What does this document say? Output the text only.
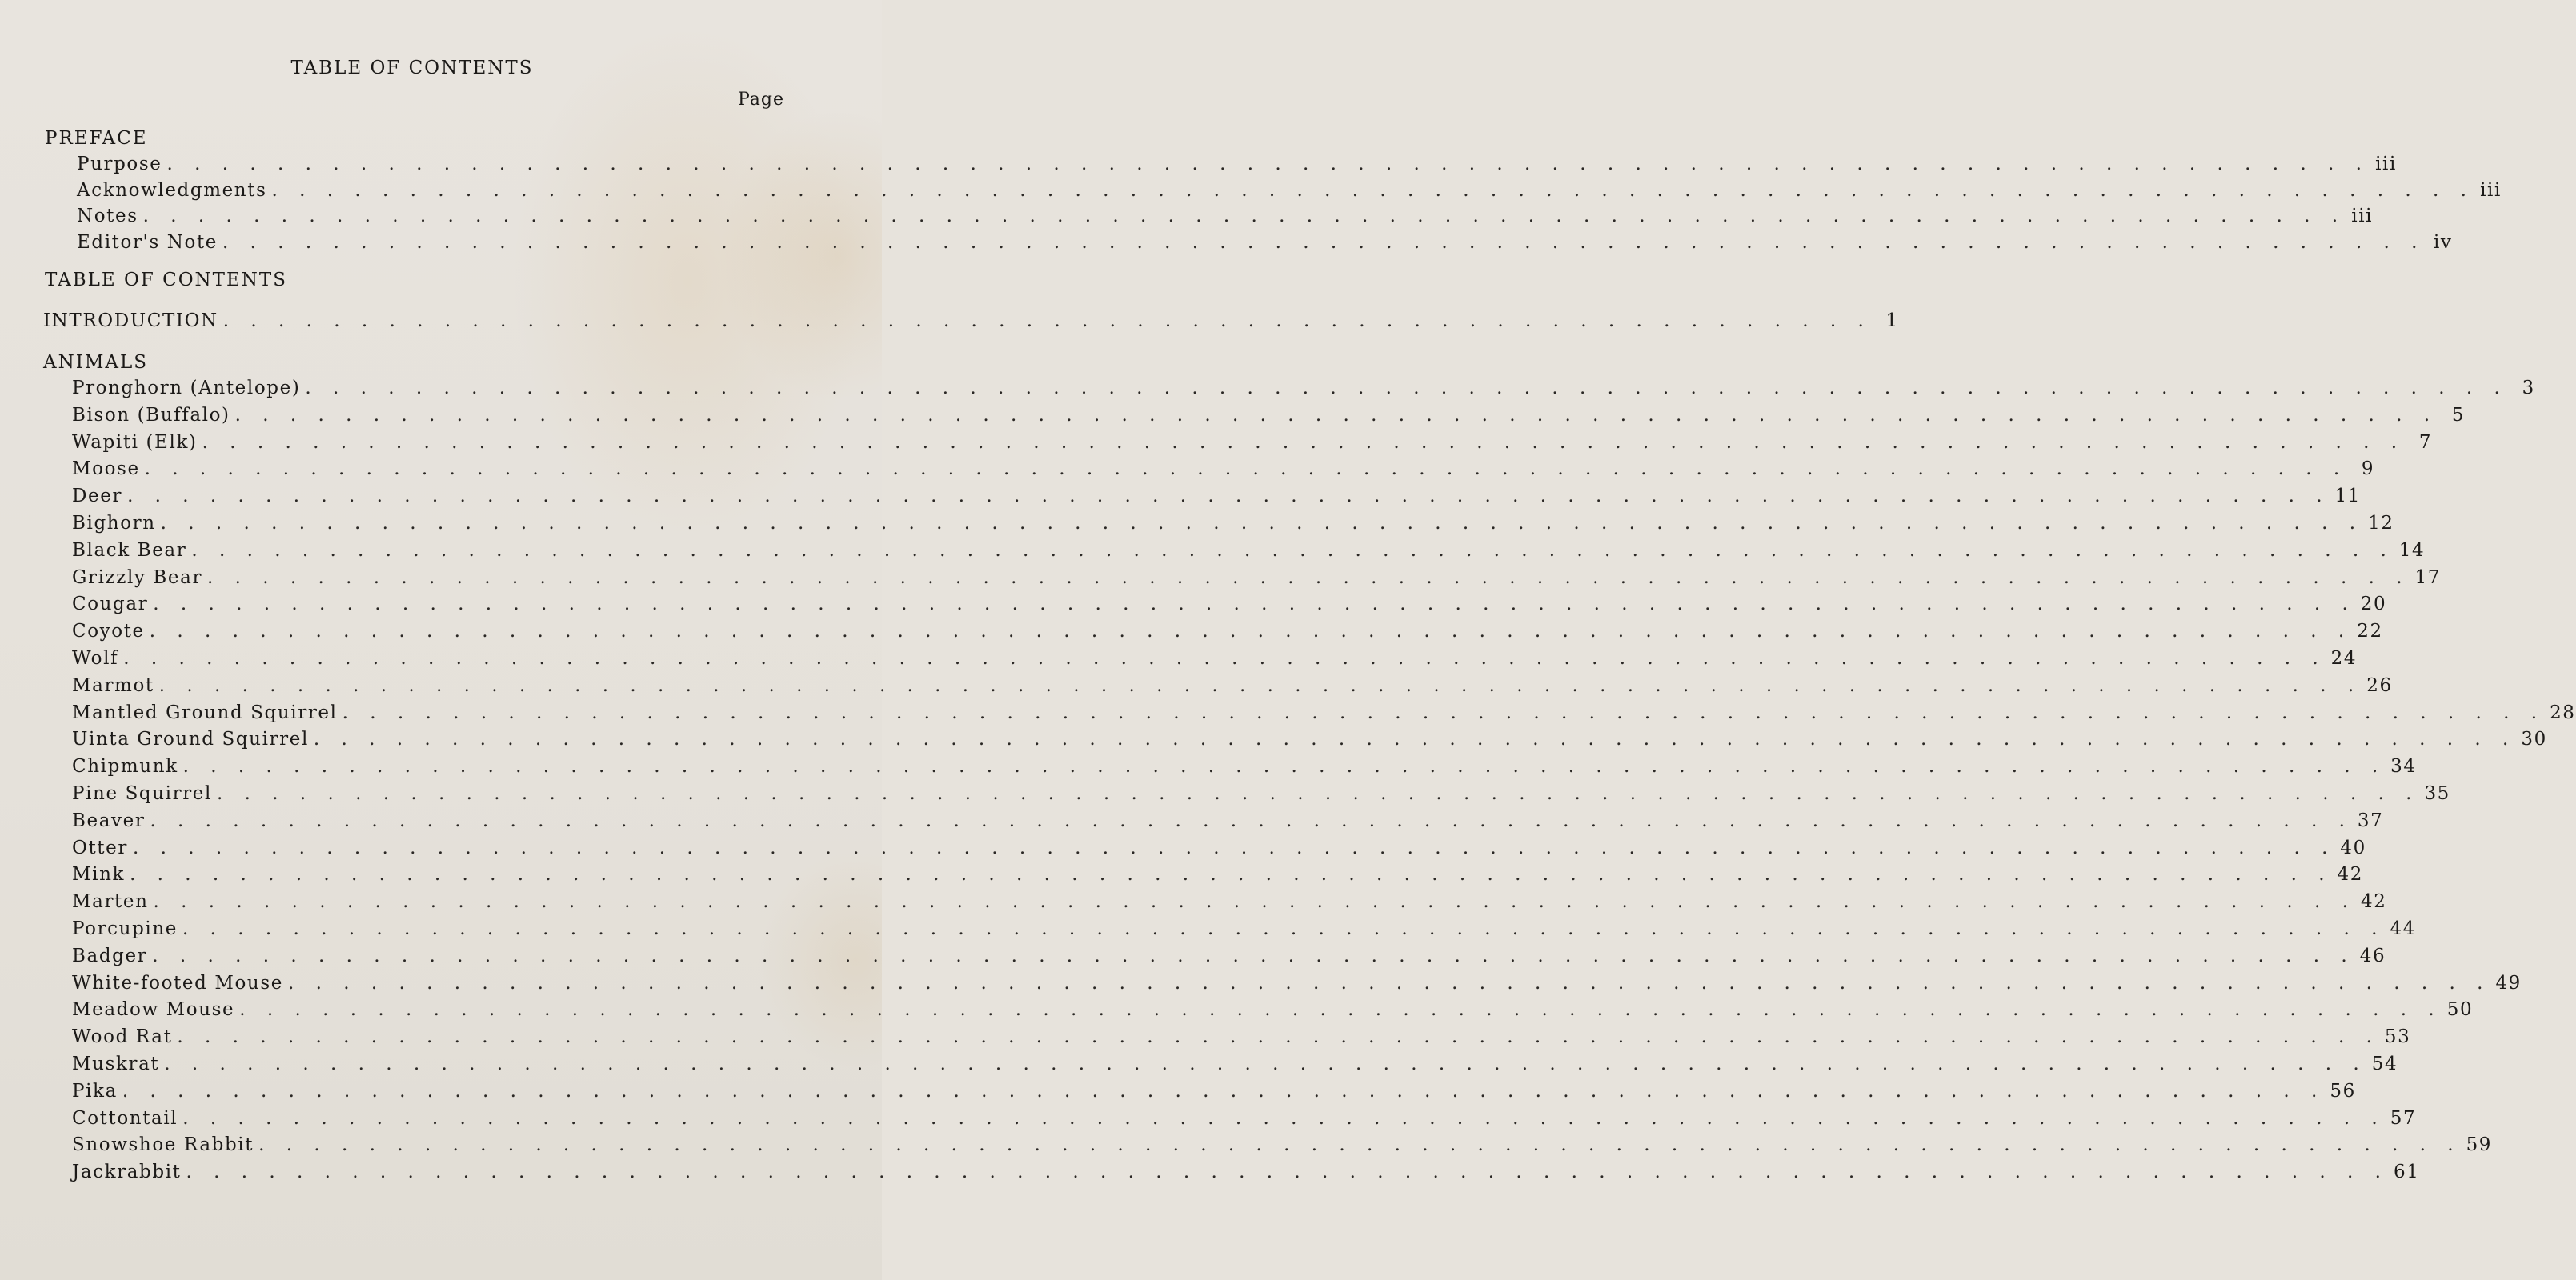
TABLE OF CONTENTS
Page
PREFACE
Purpose . . . . . . . . . . . . . . . . . . . . . . . . . . . . . . . . . . . . . . . . . . . . . . . . . . . . . . . . . . . . . . . . . . . . . . . . . . . . . . . . iii
Acknowledgments . . . . . . . . . . . . . . . . . . . . . . . . . . . . . . . . . . . . . . . . . . . . . . . . . . . . . . . . . . . . . . . . . . . . . . . . . . . . . . . . iii
Notes . . . . . . . . . . . . . . . . . . . . . . . . . . . . . . . . . . . . . . . . . . . . . . . . . . . . . . . . . . . . . . . . . . . . . . . . . . . . . . . . iii
Editor's Note . . . . . . . . . . . . . . . . . . . . . . . . . . . . . . . . . . . . . . . . . . . . . . . . . . . . . . . . . . . . . . . . . . . . . . . . . . . . . . . . iv
TABLE OF CONTENTS
INTRODUCTION . . . . . . . . . . . . . . . . . . . . . . . . . . . . . . . . . . . . . . . . . . . . . . . . . . . . . . . . . . . . 1
ANIMALS
Pronghorn (Antelope) . . . . . . . . . . . . . . . . . . . . . . . . . . . . . . . . . . . . . . . . . . . . . . . . . . . . . . . . . . . . . . . . . . . . . . . . . . . . . . . . 3
Bison (Buffalo) . . . . . . . . . . . . . . . . . . . . . . . . . . . . . . . . . . . . . . . . . . . . . . . . . . . . . . . . . . . . . . . . . . . . . . . . . . . . . . . . 5
Wapiti (Elk) . . . . . . . . . . . . . . . . . . . . . . . . . . . . . . . . . . . . . . . . . . . . . . . . . . . . . . . . . . . . . . . . . . . . . . . . . . . . . . . . 7
Moose . . . . . . . . . . . . . . . . . . . . . . . . . . . . . . . . . . . . . . . . . . . . . . . . . . . . . . . . . . . . . . . . . . . . . . . . . . . . . . . . 9
Deer . . . . . . . . . . . . . . . . . . . . . . . . . . . . . . . . . . . . . . . . . . . . . . . . . . . . . . . . . . . . . . . . . . . . . . . . . . . . . . . . 11
Bighorn . . . . . . . . . . . . . . . . . . . . . . . . . . . . . . . . . . . . . . . . . . . . . . . . . . . . . . . . . . . . . . . . . . . . . . . . . . . . . . . . 12
Black Bear . . . . . . . . . . . . . . . . . . . . . . . . . . . . . . . . . . . . . . . . . . . . . . . . . . . . . . . . . . . . . . . . . . . . . . . . . . . . . . . . 14
Grizzly Bear . . . . . . . . . . . . . . . . . . . . . . . . . . . . . . . . . . . . . . . . . . . . . . . . . . . . . . . . . . . . . . . . . . . . . . . . . . . . . . . . 17
Cougar . . . . . . . . . . . . . . . . . . . . . . . . . . . . . . . . . . . . . . . . . . . . . . . . . . . . . . . . . . . . . . . . . . . . . . . . . . . . . . . . 20
Coyote . . . . . . . . . . . . . . . . . . . . . . . . . . . . . . . . . . . . . . . . . . . . . . . . . . . . . . . . . . . . . . . . . . . . . . . . . . . . . . . . 22
Wolf . . . . . . . . . . . . . . . . . . . . . . . . . . . . . . . . . . . . . . . . . . . . . . . . . . . . . . . . . . . . . . . . . . . . . . . . . . . . . . . . 24
Marmot . . . . . . . . . . . . . . . . . . . . . . . . . . . . . . . . . . . . . . . . . . . . . . . . . . . . . . . . . . . . . . . . . . . . . . . . . . . . . . . . 26
Mantled Ground Squirrel . . . . . . . . . . . . . . . . . . . . . . . . . . . . . . . . . . . . . . . . . . . . . . . . . . . . . . . . . . . . . . . . . . . . . . . . . . . . . . . . 28
Uinta Ground Squirrel . . . . . . . . . . . . . . . . . . . . . . . . . . . . . . . . . . . . . . . . . . . . . . . . . . . . . . . . . . . . . . . . . . . . . . . . . . . . . . . . 30
Chipmunk . . . . . . . . . . . . . . . . . . . . . . . . . . . . . . . . . . . . . . . . . . . . . . . . . . . . . . . . . . . . . . . . . . . . . . . . . . . . . . . . 34
Pine Squirrel . . . . . . . . . . . . . . . . . . . . . . . . . . . . . . . . . . . . . . . . . . . . . . . . . . . . . . . . . . . . . . . . . . . . . . . . . . . . . . . . 35
Beaver . . . . . . . . . . . . . . . . . . . . . . . . . . . . . . . . . . . . . . . . . . . . . . . . . . . . . . . . . . . . . . . . . . . . . . . . . . . . . . . . 37
Otter . . . . . . . . . . . . . . . . . . . . . . . . . . . . . . . . . . . . . . . . . . . . . . . . . . . . . . . . . . . . . . . . . . . . . . . . . . . . . . . . 40
Mink . . . . . . . . . . . . . . . . . . . . . . . . . . . . . . . . . . . . . . . . . . . . . . . . . . . . . . . . . . . . . . . . . . . . . . . . . . . . . . . . 42
Marten . . . . . . . . . . . . . . . . . . . . . . . . . . . . . . . . . . . . . . . . . . . . . . . . . . . . . . . . . . . . . . . . . . . . . . . . . . . . . . . . 42
Porcupine . . . . . . . . . . . . . . . . . . . . . . . . . . . . . . . . . . . . . . . . . . . . . . . . . . . . . . . . . . . . . . . . . . . . . . . . . . . . . . . . 44
Badger . . . . . . . . . . . . . . . . . . . . . . . . . . . . . . . . . . . . . . . . . . . . . . . . . . . . . . . . . . . . . . . . . . . . . . . . . . . . . . . . 46
White-footed Mouse . . . . . . . . . . . . . . . . . . . . . . . . . . . . . . . . . . . . . . . . . . . . . . . . . . . . . . . . . . . . . . . . . . . . . . . . . . . . . . . . 49
Meadow Mouse . . . . . . . . . . . . . . . . . . . . . . . . . . . . . . . . . . . . . . . . . . . . . . . . . . . . . . . . . . . . . . . . . . . . . . . . . . . . . . . . 50
Wood Rat . . . . . . . . . . . . . . . . . . . . . . . . . . . . . . . . . . . . . . . . . . . . . . . . . . . . . . . . . . . . . . . . . . . . . . . . . . . . . . . . 53
Muskrat . . . . . . . . . . . . . . . . . . . . . . . . . . . . . . . . . . . . . . . . . . . . . . . . . . . . . . . . . . . . . . . . . . . . . . . . . . . . . . . . 54
Pika . . . . . . . . . . . . . . . . . . . . . . . . . . . . . . . . . . . . . . . . . . . . . . . . . . . . . . . . . . . . . . . . . . . . . . . . . . . . . . . . 56
Cottontail . . . . . . . . . . . . . . . . . . . . . . . . . . . . . . . . . . . . . . . . . . . . . . . . . . . . . . . . . . . . . . . . . . . . . . . . . . . . . . . . 57
Snowshoe Rabbit . . . . . . . . . . . . . . . . . . . . . . . . . . . . . . . . . . . . . . . . . . . . . . . . . . . . . . . . . . . . . . . . . . . . . . . . . . . . . . . . 59
Jackrabbit . . . . . . . . . . . . . . . . . . . . . . . . . . . . . . . . . . . . . . . . . . . . . . . . . . . . . . . . . . . . . . . . . . . . . . . . . . . . . . . . 61
